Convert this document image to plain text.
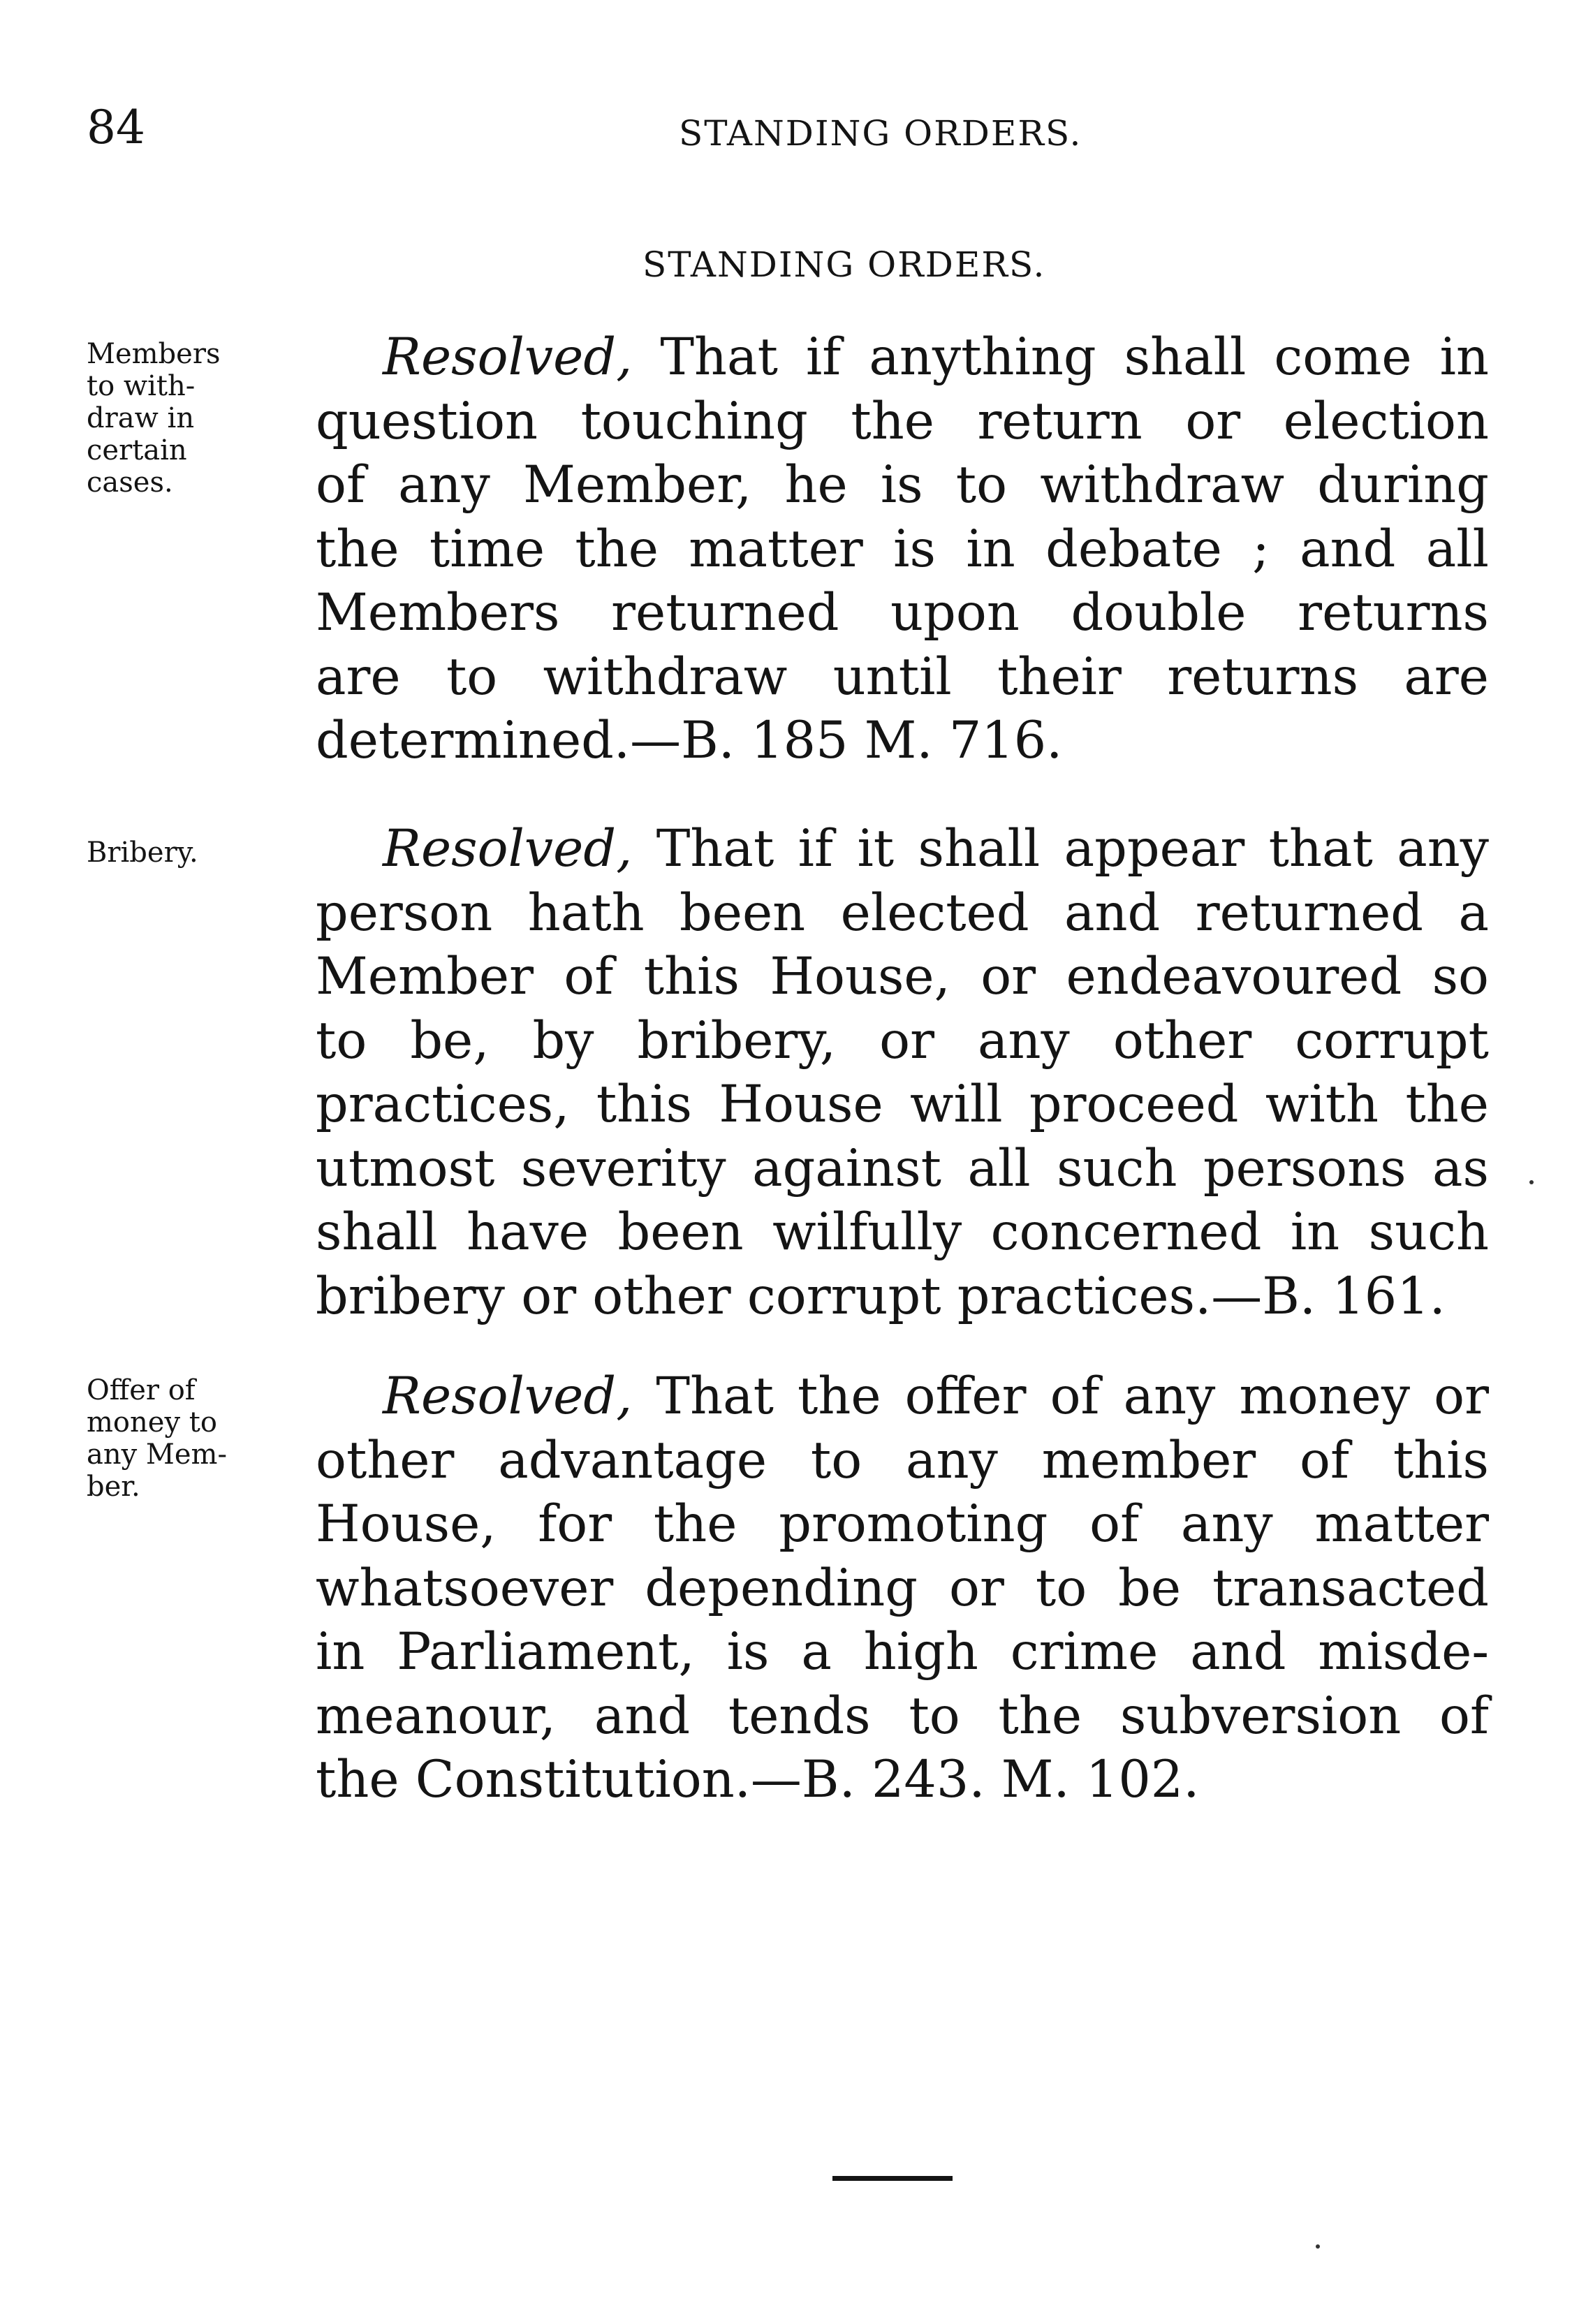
84	STANDING ORDERS.
STANDING ORDERS.
Members
to with-
draw in
certain
cases.
Resolved, That if anything shall come in
question touching the return or election
of any Member, he is to withdraw during
the time the matter is in debate ; and all
Members returned upon double returns
are to withdraw until their returns are
determined.—B. 185 M. 716.
Bribery.	Resolved, That if it shall appear that any
person hath been elected and returned a
Member of this House, or endeavoured so
to be, by bribery, or any other corrupt
practices, this House will proceed with the
utmost severity against all such persons as
shall have been wilfully concerned in such
bribery or other corrupt practices.—B. 161.
Offer of
money to
any Mem-
ber.
Resolved, That the offer of any money or
other advantage to any member of this
House, for the promoting of any matter
whatsoever depending or to be transacted
in Parliament, is a high crime and misde-
meanour, and tends to the subversion of
the Constitution.—B. 243. M. 102.
